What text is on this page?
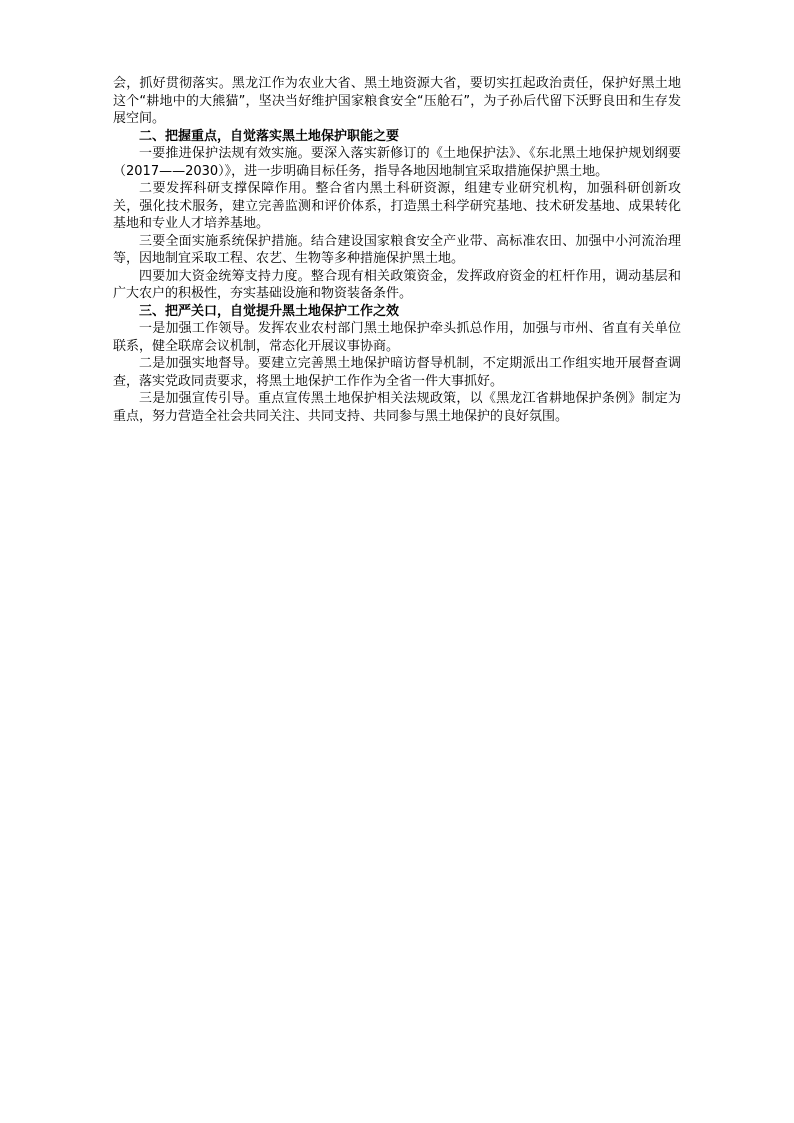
会，抓好贯彻落实。黑龙江作为农业大省、黑土地资源大省，要切实扛起政治责任，保护好黑土地这个“耕地中的大熊猫”，坚决当好维护国家粮食安全“压舱石”，为子孙后代留下沃野良田和生存发展空间。

二、把握重点，自觉落实黑土地保护职能之要

一要推进保护法规有效实施。要深入落实新修订的《土地保护法》、《东北黑土地保护规划纲要（2017——2030）》，进一步明确目标任务，指导各地因地制宜采取措施保护黑土地。

二要发挥科研支撑保障作用。整合省内黑土科研资源，组建专业研究机构，加强科研创新攻关，强化技术服务，建立完善监测和评价体系，打造黑土科学研究基地、技术研发基地、成果转化基地和专业人才培养基地。

三要全面实施系统保护措施。结合建设国家粮食安全产业带、高标准农田、加强中小河流治理等，因地制宜采取工程、农艺、生物等多种措施保护黑土地。

四要加大资金统筹支持力度。整合现有相关政策资金，发挥政府资金的杠杆作用，调动基层和广大农户的积极性，夯实基础设施和物资装备条件。

三、把严关口，自觉提升黑土地保护工作之效

一是加强工作领导。发挥农业农村部门黑土地保护牵头抓总作用，加强与市州、省直有关单位联系，健全联席会议机制，常态化开展议事协商。

二是加强实地督导。要建立完善黑土地保护暗访督导机制，不定期派出工作组实地开展督查调查，落实党政同责要求，将黑土地保护工作作为全省一件大事抓好。

三是加强宣传引导。重点宣传黑土地保护相关法规政策，以《黑龙江省耕地保护条例》制定为重点，努力营造全社会共同关注、共同支持、共同参与黑土地保护的良好氛围。
